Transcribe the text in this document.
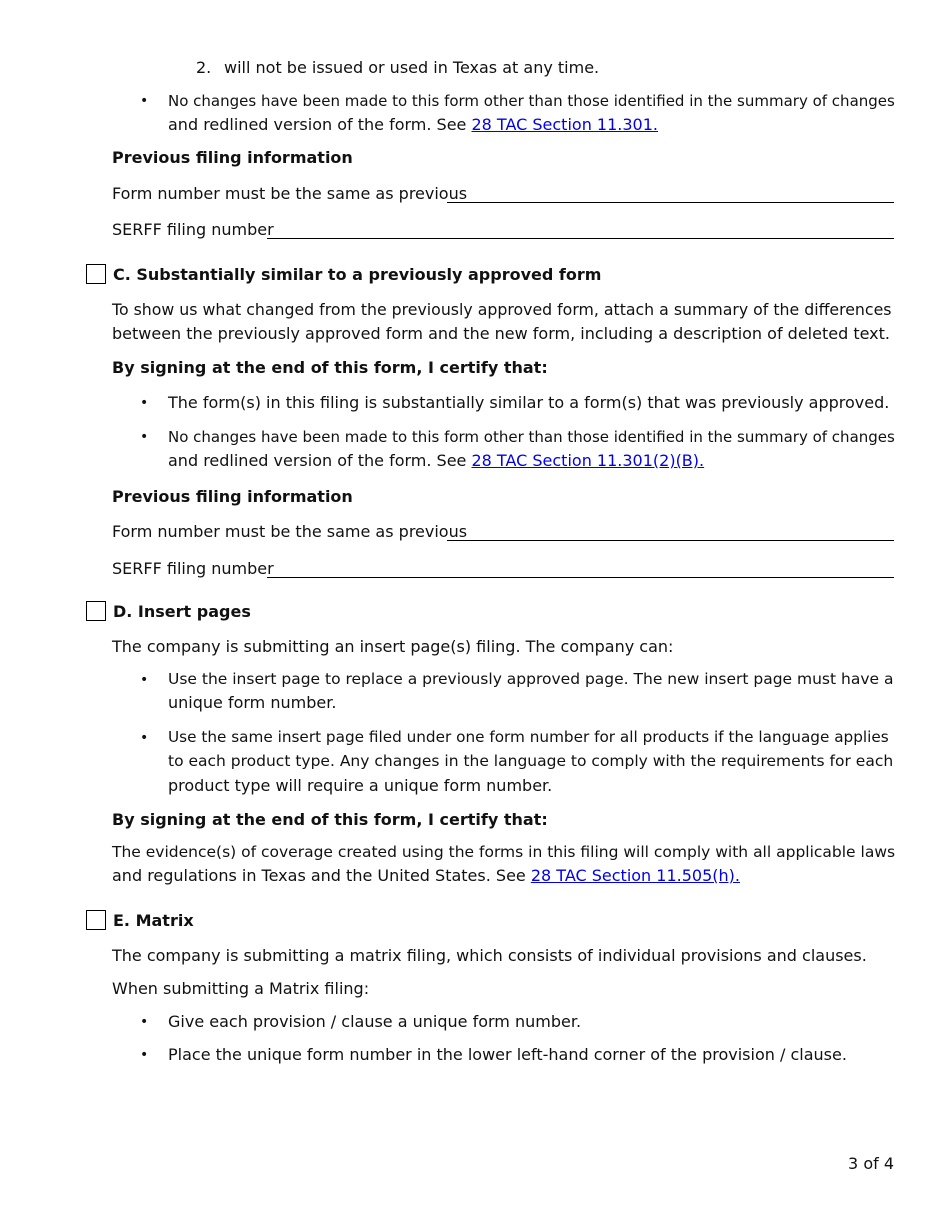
2. will not be issued or used in Texas at any time.
• No changes have been made to this form other than those identified in the summary of changes
and redlined version of the form. See 28 TAC Section 11.301.
Previous filing information
Form number must be the same as previous
SERFF filing number
C. Substantially similar to a previously approved form
To show us what changed from the previously approved form, attach a summary of the differences
between the previously approved form and the new form, including a description of deleted text.
By signing at the end of this form, I certify that:
• The form(s) in this filing is substantially similar to a form(s) that was previously approved.
• No changes have been made to this form other than those identified in the summary of changes
and redlined version of the form. See 28 TAC Section 11.301(2)(B).
Previous filing information
Form number must be the same as previous
SERFF filing number
D. Insert pages
The company is submitting an insert page(s) filing. The company can:
• Use the insert page to replace a previously approved page. The new insert page must have a
unique form number.
• Use the same insert page filed under one form number for all products if the language applies
to each product type. Any changes in the language to comply with the requirements for each
product type will require a unique form number.
By signing at the end of this form, I certify that:
The evidence(s) of coverage created using the forms in this filing will comply with all applicable laws
and regulations in Texas and the United States. See 28 TAC Section 11.505(h).
E. Matrix
The company is submitting a matrix filing, which consists of individual provisions and clauses.
When submitting a Matrix filing:
• Give each provision / clause a unique form number.
• Place the unique form number in the lower left-hand corner of the provision / clause.
3 of 4
